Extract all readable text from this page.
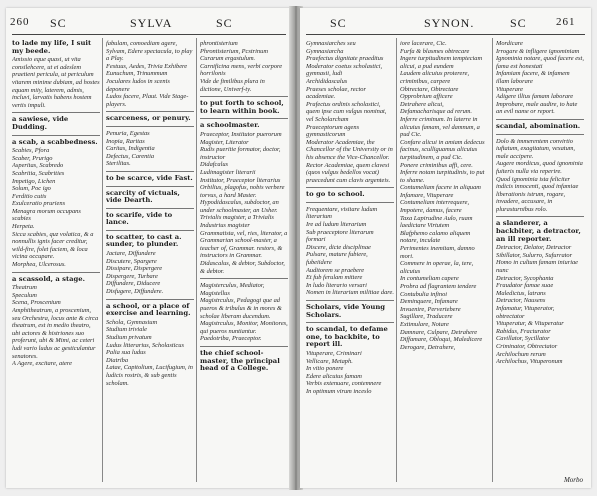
260 SC	SYLVA	SC
to lade my life, I suit my beede.
Amissio eque quasi, ut vita consilehcere, ut ei adeslem praetieni pericula, ut periculum vitarem minime dubiam, ad hostes equam miiy, laterem, admis, incluvi, larvatis habens hostem vertis impuli.
a sawiese, vide Dudding.
a scab, a scabbedness.
Scabies, Pfora
Scaber, Prurigo
Asperitas, Scabredo
Scabritia, Scabrities
Impetigo, Lichen
Solum, Poc igo
Ferditio cutis
Exulceratio pruriens
Menagra morum occupans scabies
Herpeta.
Sicca scabies, quz volatica, & a nonnullis ignis facer creditur, wild-fire, folet faciem, & loca vicina occupare.
Morphea, Ulcerosus.
a scassold, a stage.
Theatrum
Speculum
Scena, Proscenium
Amphitheatrum, a proscenium, seu Orchestra, locus ante & circa theatrum, est in medio theatro, ubi actores & histriones suo proferunt, ubi & Mimi, ac ceteri ludi vario ludus ac gesticulantur senatores.
A Agere, excitare, atere
fabulam, comoediam agere, Sylvam, Edere spectacula, to play a Play.
Festuus, Aedes, Trivia Exhibere Eunuchum, Trinummum
Joculares ludos in scenis deponere
Ludos facere, Plaut. Vide Stage-players.
scarceness, or penury.
Penuria, Egestas
Inopia, Raritas
Caritas, Indigentia
Defectus, Carentia
Sterilitas.
to be scarce, vide Fast.
scarcity of victuals, vide Dearth.
to scarife, vide to lance.
to scatter, to cast a. sunder, to plunder.
Jactare, Diffundere
Discutere, Spargere
Dissipare, Dispergere
Dispergere, Turbare
Diffundere, Diducere
Disfugere, Diffundere.
a school, or a place of exercise and learning.
Schola, Gymnasium
Studium triviale
Studium privatum
Ludus litterarius, Scholasticus
Palia sua ludus
Diatriba
Latae, Capitolium, Lucifugium, in ludicis rostris, & sub gentis scholam.
phrontisterium
Phrontisterium, Pcstrinum Curarum ergastulum.
Carnificina mens, verbi corpore horrilonis
Vide de fimilibus plura in dictione, Univerf-ty.
to put forth to school, to learn within book.
a schoolmaster.
Praeceptor, Institutor puerorum
Magister, Literator
Rudis pueritie formator, doctor, instructor
Didafcalus
Ludimagister literarii
Institutor, Praeceptor literarius
Orbilius, plagofus, nobis verbere torvus, a hard Master.
Hypodidascalus, subdoctor, an under schoolmaster, an Usher.
Trivialis magister, a Trivialis
Industrius magister
Grammatista, vel, ries, literator, a Grammarian school-master, a teacher of, Grammar. restors, & instructors in Grammar.
Didascalus, & debtor, Subdoctor, & debtor.
Magisterculus, Mediator, Magistellus
Magistrculus, Pedagogi que ad pueros & tribulus & in mores & scholae liberam ducendum.
Magistrculus, Monitor, Monitores, qui pueros nuntiantur.
Paedotriba, Praeceptor.
the chief school-master, the principal head of a College.
SC	SYNON.	SC	261
Gymnasiarches seu Gymnasiarcha
Praefectus dignitate praeditus
Moderator coetus scholastici, gymnasii, ludi
Archididascalus
Praeses scholae, rector academiae.
Prafectus ordinis scholastici, quem ipse cum vulgus nominat, vel Scholarcham
Praeceptorum agens gymnasticorum
Moderator Academiae, the Chancellor of the University or in his absence the Vice-Chancellor.
Rector Academiae, quem clavesi (quos vulgus bedellos vocat) praecedunt cum clavis argenteis.
to go to school.
Frequentare, visitare ludum literarium
Ire ad ludum literarium
Sub praeceptore literarum formari
Discere, dicte disciplinae
Pulsare, mature fubiere, fubeiidere
Auditorem se praebere
Et fub ferulam mittere
In ludo literario versari
Nomen in literarium militiae dare.
Scholars, vide Young Scholars.
to scandal, to defame one, to backbite, to report ill.
Vituperare, Criminari
Vellicare, Metaph.
In vitio ponere
Edere alicuius famam
Verbis extenuare, contemnere
In optimum virum inceslo
iore lacerare, Cic.
Furfa & blasmes obtrecare
Ingere turpitudinem tempteciam alicui, a pud eundem
Laudem alicuius proterere, criminibus, carpere
Obtrectare, Obtrectare
Opprobrium afficere
Detrahere alicui, Defamacharisque ad rerum.
Inferre criminum. In laterre in alicuius famam, vel damnum, a pud Cic.
Confare alicui in amiam dedecus facinus, sculliguamus alicuius turpitudinem, a pud Cic.
Ponere criminibus affi, cere.
Inferre notam turpitudinis, to put to shame.
Contumeliam facere in aliquam
Infamare, Vituperare
Contumeliam interrequere, Impotere, damus, facere
Taxa Lapirudine Aulo, ruam laedictare Virtutem
Blafphemo calamo aliquem notare, inculate
Perimentes inemitam, damno mori.
Commere in operae, la, tere, alicuius
In contumeliam capere
Probra ad flagrantem tendere
Contubulia infinoi
Deminquere, Infamare
Invuenire, Pervertebere
Sugillare, Traducere
Extimulare, Notare
Damnare, Culpare, Detrahere
Diffamare, Obloqui, Maledicere
Derogare, Detrahere,
Mordicare
Irrogare & infligere ignominiam
Ignominia notare, quod facere est, fama est honestati
Infamiam facere, & infamem illam laborare
Vituperare
Adigere illius famam laborare
Improbare, male audire, to hate an evil name or report.
scandal, abomination.
Dolo & immerentem convirtio iuftatum, exagitatum, vexatum, male accipere.
Augere mordicus, quod ignominia fuiteris nulla via reperire.
Quod ignominia ista feliciter indicis innocenti, quod infamiae liberationis istrum, rogare, invadere, accusare, in plurasturnibus rolo.
a slanderer, a backbiter, a detractor, an ill reporter.
Detractor, Delator, Detractor
Sibillator, Sulurro, Sufurrator
Homo in cultum famam iniuriae nunc
Detractor, Sycophanta
Fraudator famae suae
Maledictus, latrans
Detractor, Nausens
Infamatur, Vituperator, obtrectator
Vituperatur, & Vituperatur
Rabidus, Fracturator
Cavillator, Sycillator
Criminator, Obtrectator
Archilochum rerum
Archilochus, Vituperonum
Morbo
